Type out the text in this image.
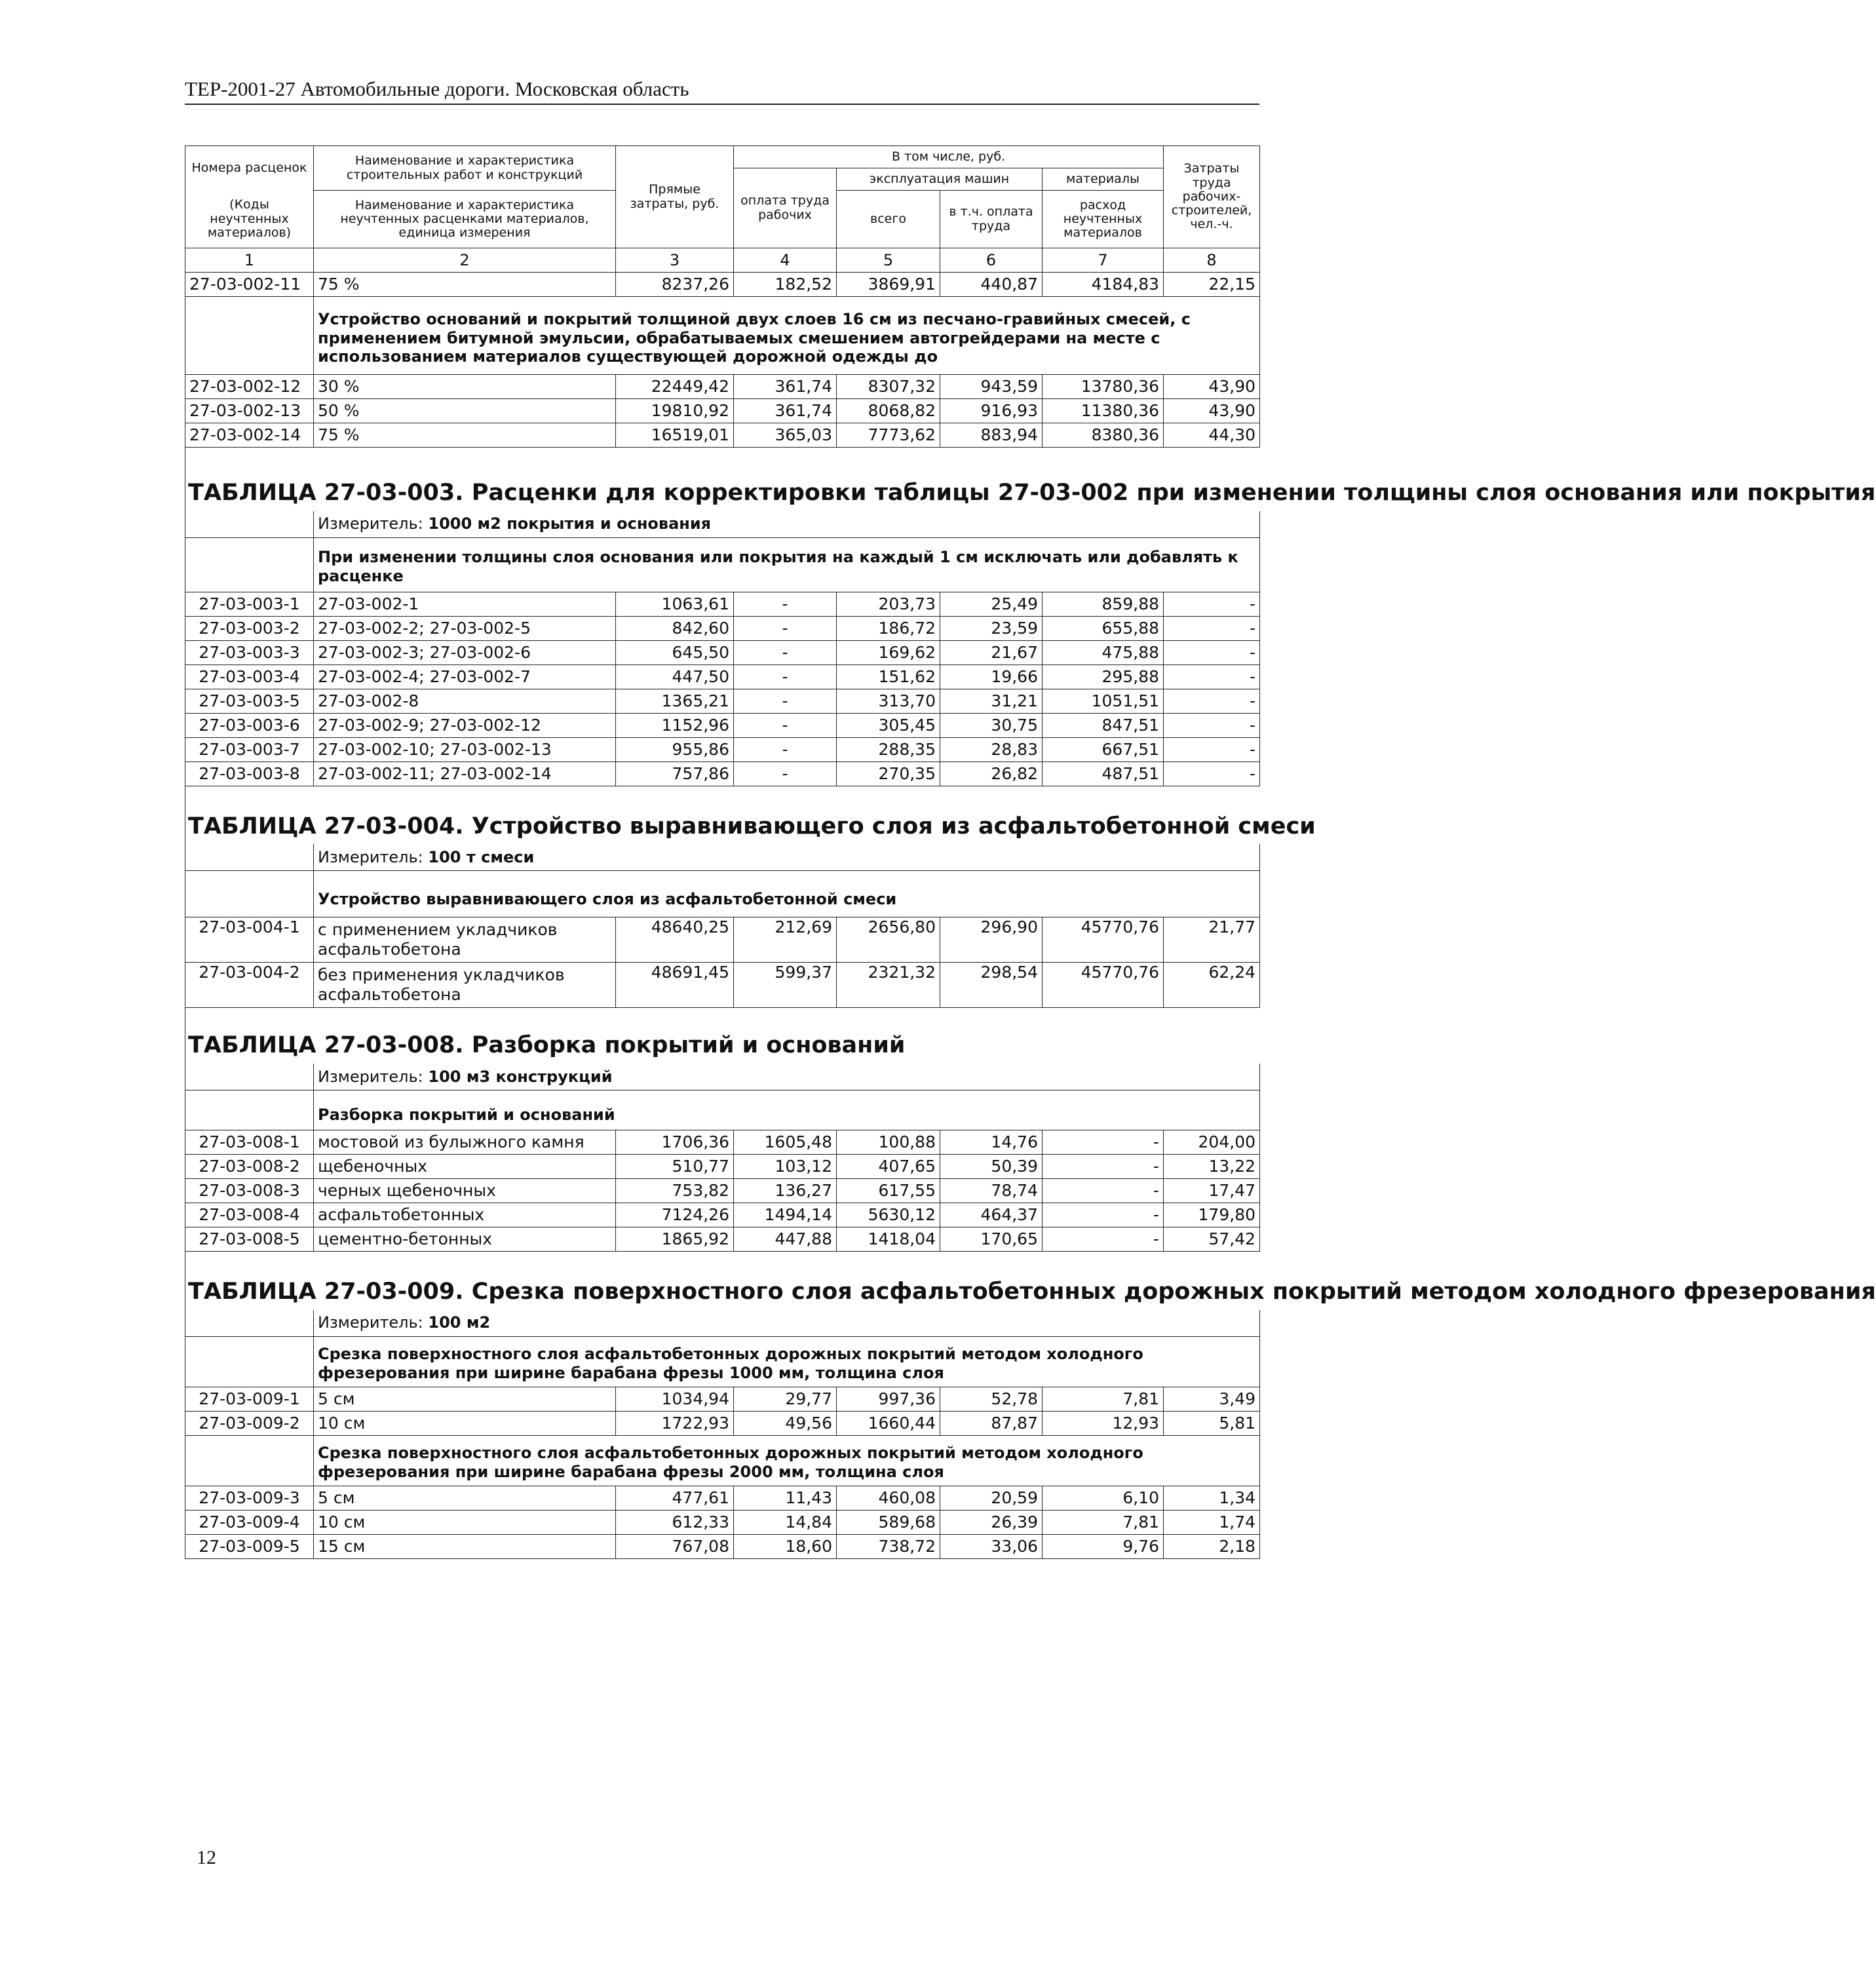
ТЕР-2001-27 Автомобильные дороги. Московская область
Номера расценок	Наименование и характеристика строительных работ и конструкций	Прямые затраты, руб.	В том числе, руб.				Затраты труда рабочих-строителей, чел.-ч.
			оплата труда рабочих	эксплуатация машин		материалы	
(Коды неучтенных материалов)	Наименование и характеристика неучтенных расценками материалов, единица измерения			всего	в т.ч. оплата труда	расход неучтенных материалов	

1	2	3	4	5	6	7	8
27-03-002-11	75 %	8237,26	182,52	3869,91	440,87	4184,83	22,15
	Устройство оснований и покрытий толщиной двух слоев 16 см из песчано-гравийных смесей, с применением битумной эмульсии, обрабатываемых смешением автогрейдерами на месте с использованием материалов существующей дорожной одежды до						
27-03-002-12	30 %	22449,42	361,74	8307,32	943,59	13780,36	43,90
27-03-002-13	50 %	19810,92	361,74	8068,82	916,93	11380,36	43,90
27-03-002-14	75 %	16519,01	365,03	7773,62	883,94	8380,36	44,30

ТАБЛИЦА 27-03-003. Расценки для корректировки таблицы 27-03-002 при изменении толщины слоя основания или покрытия							

	Измеритель: 1000 м2 покрытия и основания						
	При изменении толщины слоя основания или покрытия на каждый 1 см исключать или добавлять к расценке						
27-03-003-1	27-03-002-1	1063,61	-	203,73	25,49	859,88	-
27-03-003-2	27-03-002-2; 27-03-002-5	842,60	-	186,72	23,59	655,88	-
27-03-003-3	27-03-002-3; 27-03-002-6	645,50	-	169,62	21,67	475,88	-
27-03-003-4	27-03-002-4; 27-03-002-7	447,50	-	151,62	19,66	295,88	-
27-03-003-5	27-03-002-8	1365,21	-	313,70	31,21	1051,51	-
27-03-003-6	27-03-002-9; 27-03-002-12	1152,96	-	305,45	30,75	847,51	-
27-03-003-7	27-03-002-10; 27-03-002-13	955,86	-	288,35	28,83	667,51	-
27-03-003-8	27-03-002-11; 27-03-002-14	757,86	-	270,35	26,82	487,51	-

ТАБЛИЦА 27-03-004. Устройство выравнивающего слоя из асфальтобетонной смеси							

	Измеритель: 100 т смеси						
	Устройство выравнивающего слоя из асфальтобетонной смеси						
27-03-004-1	с применением укладчиков асфальтобетона	48640,25	212,69	2656,80	296,90	45770,76	21,77
27-03-004-2	без применения укладчиков асфальтобетона	48691,45	599,37	2321,32	298,54	45770,76	62,24

ТАБЛИЦА 27-03-008. Разборка покрытий и оснований							

	Измеритель: 100 м3 конструкций						
	Разборка покрытий и оснований						
27-03-008-1	мостовой из булыжного камня	1706,36	1605,48	100,88	14,76	-	204,00
27-03-008-2	щебеночных	510,77	103,12	407,65	50,39	-	13,22
27-03-008-3	черных щебеночных	753,82	136,27	617,55	78,74	-	17,47
27-03-008-4	асфальтобетонных	7124,26	1494,14	5630,12	464,37	-	179,80
27-03-008-5	цементно-бетонных	1865,92	447,88	1418,04	170,65	-	57,42

ТАБЛИЦА 27-03-009. Срезка поверхностного слоя асфальтобетонных дорожных покрытий методом холодного фрезерования							

	Измеритель: 100 м2						
	Срезка поверхностного слоя асфальтобетонных дорожных покрытий методом холодного фрезерования при ширине барабана фрезы 1000 мм, толщина слоя						
27-03-009-1	5 см	1034,94	29,77	997,36	52,78	7,81	3,49
27-03-009-2	10 см	1722,93	49,56	1660,44	87,87	12,93	5,81
	Срезка поверхностного слоя асфальтобетонных дорожных покрытий методом холодного фрезерования при ширине барабана фрезы 2000 мм, толщина слоя						
27-03-009-3	5 см	477,61	11,43	460,08	20,59	6,10	1,34
27-03-009-4	10 см	612,33	14,84	589,68	26,39	7,81	1,74
27-03-009-5	15 см	767,08	18,60	738,72	33,06	9,76	2,18
12
